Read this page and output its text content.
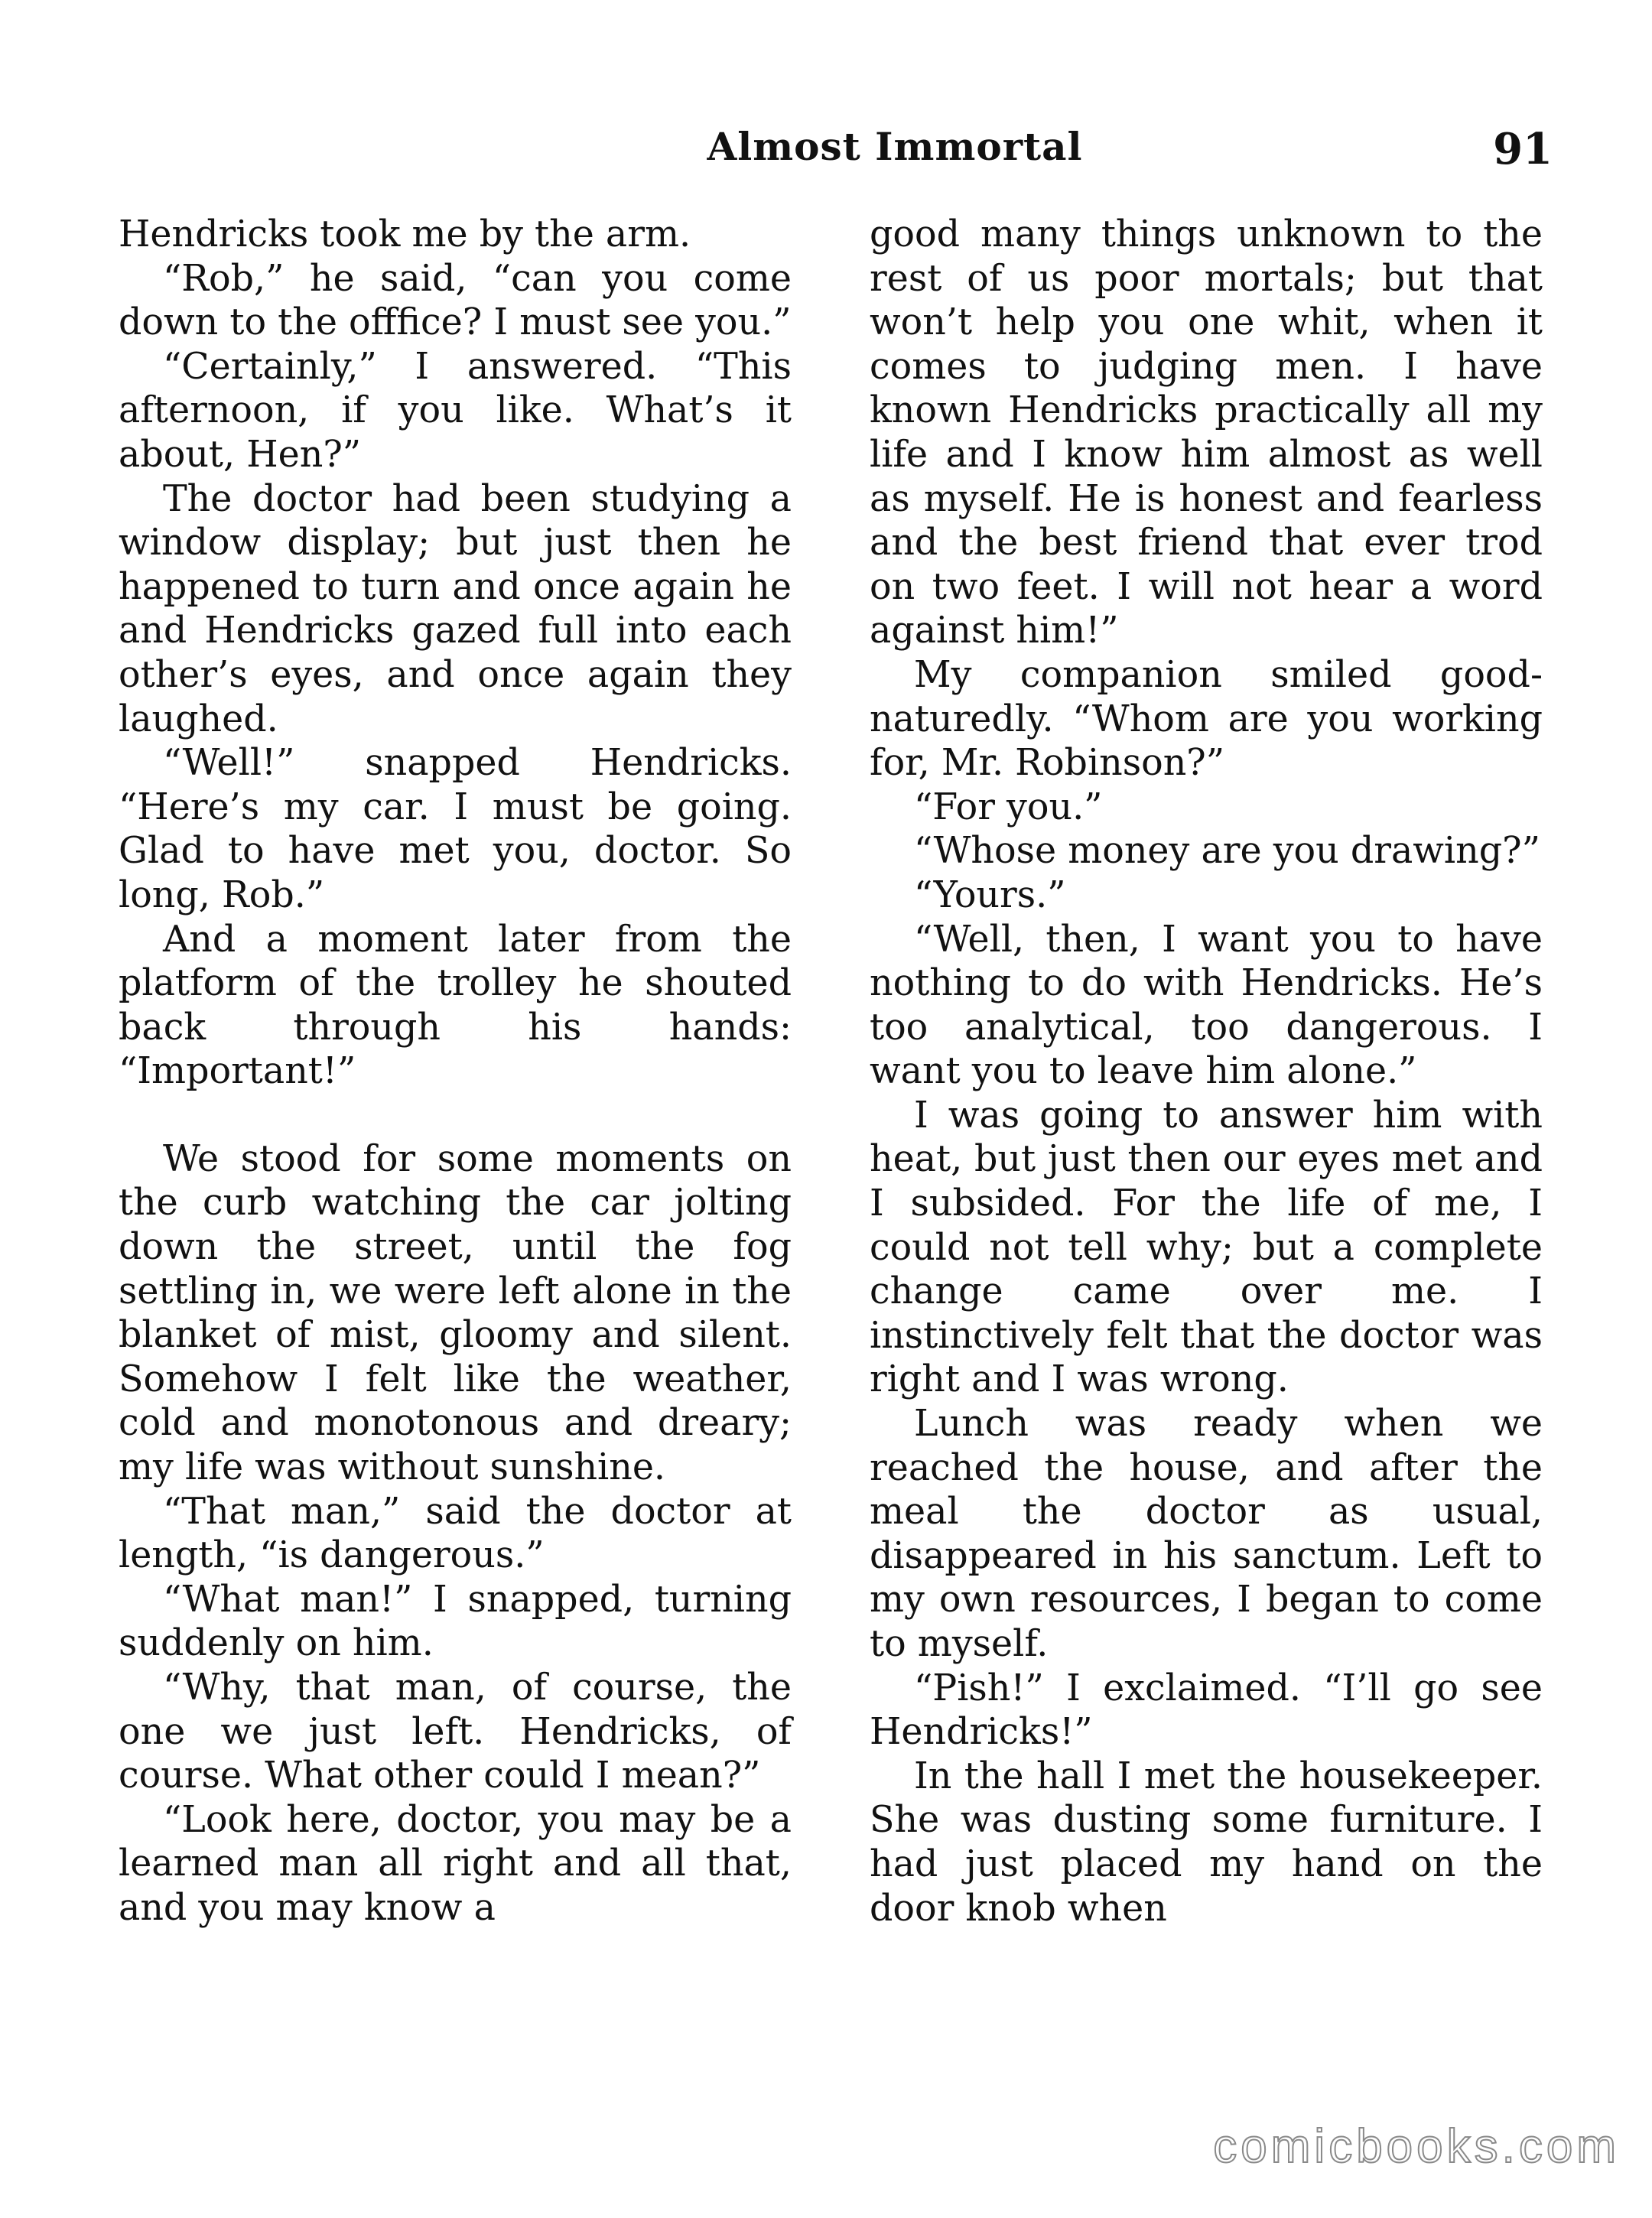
Almost Immortal	91

Hendricks took me by the arm.

“Rob,” he said, “can you come down to the offfice? I must see you.”

“Certainly,” I answered. “This afternoon, if you like. What’s it about, Hen?”

The doctor had been studying a window display; but just then he happened to turn and once again he and Hendricks gazed full into each other’s eyes, and once again they laughed.

“Well!” snapped Hendricks. “Here’s my car. I must be going. Glad to have met you, doctor. So long, Rob.”

And a moment later from the platform of the trolley he shouted back through his hands: “Important!”

We stood for some moments on the curb watching the car jolting down the street, until the fog settling in, we were left alone in the blanket of mist, gloomy and silent. Somehow I felt like the weather, cold and monotonous and dreary; my life was without sunshine.

“That man,” said the doctor at length, “is dangerous.”

“What man!” I snapped, turning suddenly on him.

“Why, that man, of course, the one we just left. Hendricks, of course. What other could I mean?”

“Look here, doctor, you may be a learned man all right and all that, and you may know a

good many things unknown to the rest of us poor mortals; but that won’t help you one whit, when it comes to judging men. I have known Hendricks practically all my life and I know him almost as well as myself. He is honest and fearless and the best friend that ever trod on two feet. I will not hear a word against him!”

My companion smiled good-naturedly. “Whom are you working for, Mr. Robinson?”

“For you.”

“Whose money are you drawing?”

“Yours.”

“Well, then, I want you to have nothing to do with Hendricks. He’s too analytical, too dangerous. I want you to leave him alone.”

I was going to answer him with heat, but just then our eyes met and I subsided. For the life of me, I could not tell why; but a complete change came over me. I instinctively felt that the doctor was right and I was wrong.

Lunch was ready when we reached the house, and after the meal the doctor as usual, disappeared in his sanctum. Left to my own resources, I began to come to myself.

“Pish!” I exclaimed. “I’ll go see Hendricks!”

In the hall I met the housekeeper. She was dusting some furniture. I had just placed my hand on the door knob when

comicbooks.com
